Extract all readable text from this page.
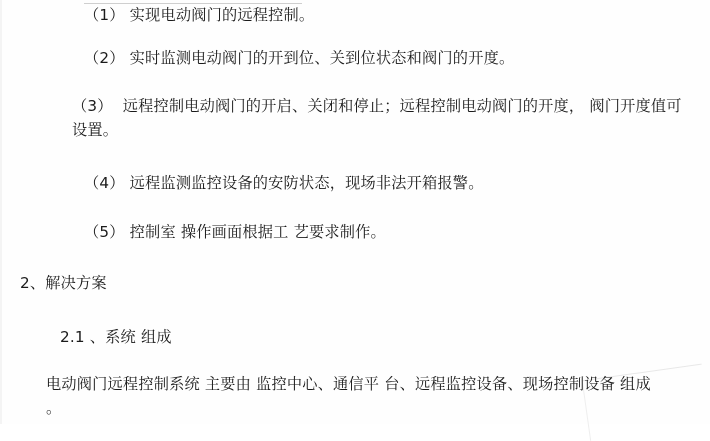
（1） 实现电动阀门的远程控制。

（2） 实时监测电动阀门的开到位、关到位状态和阀门的开度。

（3）  远程控制电动阀门的开启、关闭和停止；远程控制电动阀门的开度， 阀门开度值可设置。

（4） 远程监测监控设备的安防状态，现场非法开箱报警。

（5） 控制室 操作画面根据工 艺要求制作。

2、解决方案

2.1 、系统 组成

电动阀门远程控制系统 主要由 监控中心、通信平 台、远程监控设备、现场控制设备 组成 。
